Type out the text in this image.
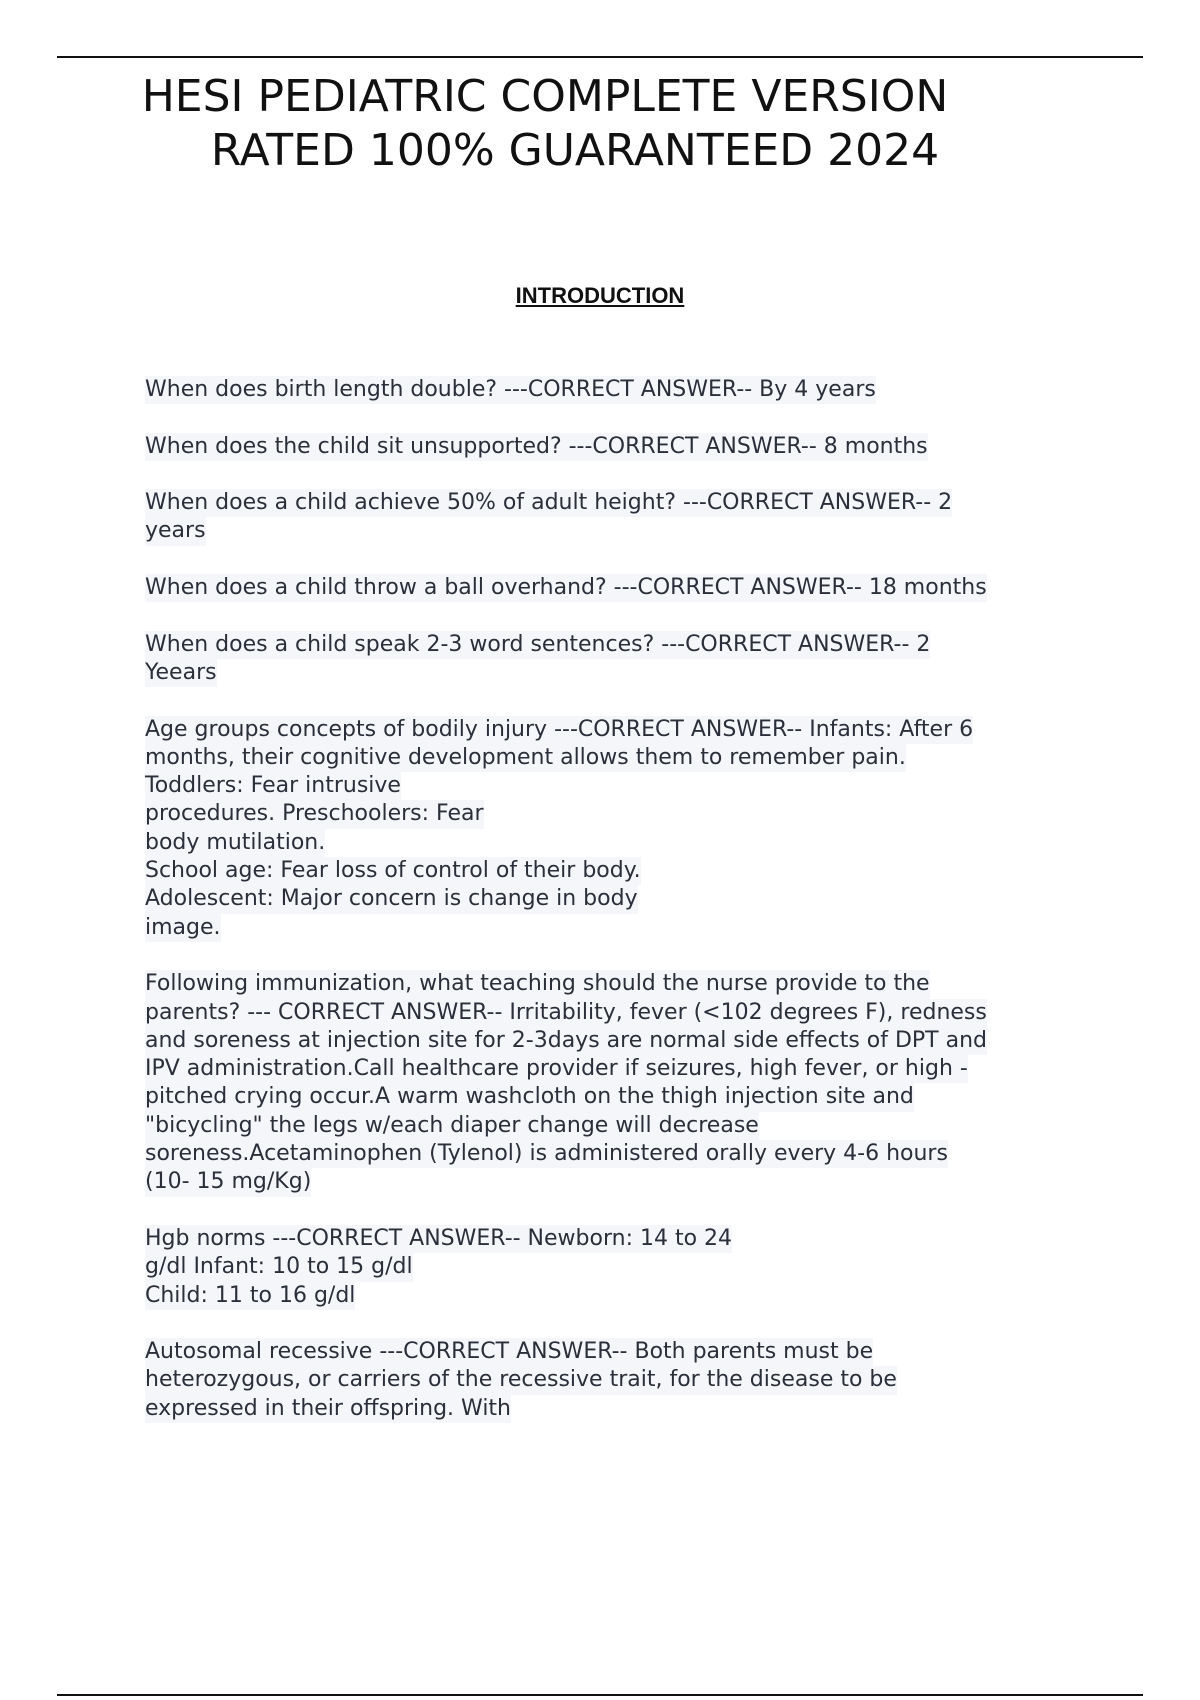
HESI PEDIATRIC COMPLETE VERSION
RATED 100% GUARANTEED 2024
INTRODUCTION

When does birth length double? ---CORRECT ANSWER-- By 4 years

When does the child sit unsupported? ---CORRECT ANSWER-- 8 months

When does a child achieve 50% of adult height? ---CORRECT ANSWER-- 2
years

When does a child throw a ball overhand? ---CORRECT ANSWER-- 18 months

When does a child speak 2-3 word sentences? ---CORRECT ANSWER-- 2
Yeears

Age groups concepts of bodily injury ---CORRECT ANSWER-- Infants: After 6
months, their cognitive development allows them to remember pain.
Toddlers: Fear intrusive
procedures. Preschoolers: Fear
body mutilation.
School age: Fear loss of control of their body.
Adolescent: Major concern is change in body
image.

Following immunization, what teaching should the nurse provide to the
parents? --- CORRECT ANSWER-- Irritability, fever (<102 degrees F), redness
and soreness at injection site for 2-3days are normal side effects of DPT and
IPV administration.Call healthcare provider if seizures, high fever, or high -
pitched crying occur.A warm washcloth on the thigh injection site and
"bicycling" the legs w/each diaper change will decrease
soreness.Acetaminophen (Tylenol) is administered orally every 4-6 hours
(10- 15 mg/Kg)

Hgb norms ---CORRECT ANSWER-- Newborn: 14 to 24
g/dl Infant: 10 to 15 g/dl
Child: 11 to 16 g/dl

Autosomal recessive ---CORRECT ANSWER-- Both parents must be
heterozygous, or carriers of the recessive trait, for the disease to be
expressed in their offspring. With
